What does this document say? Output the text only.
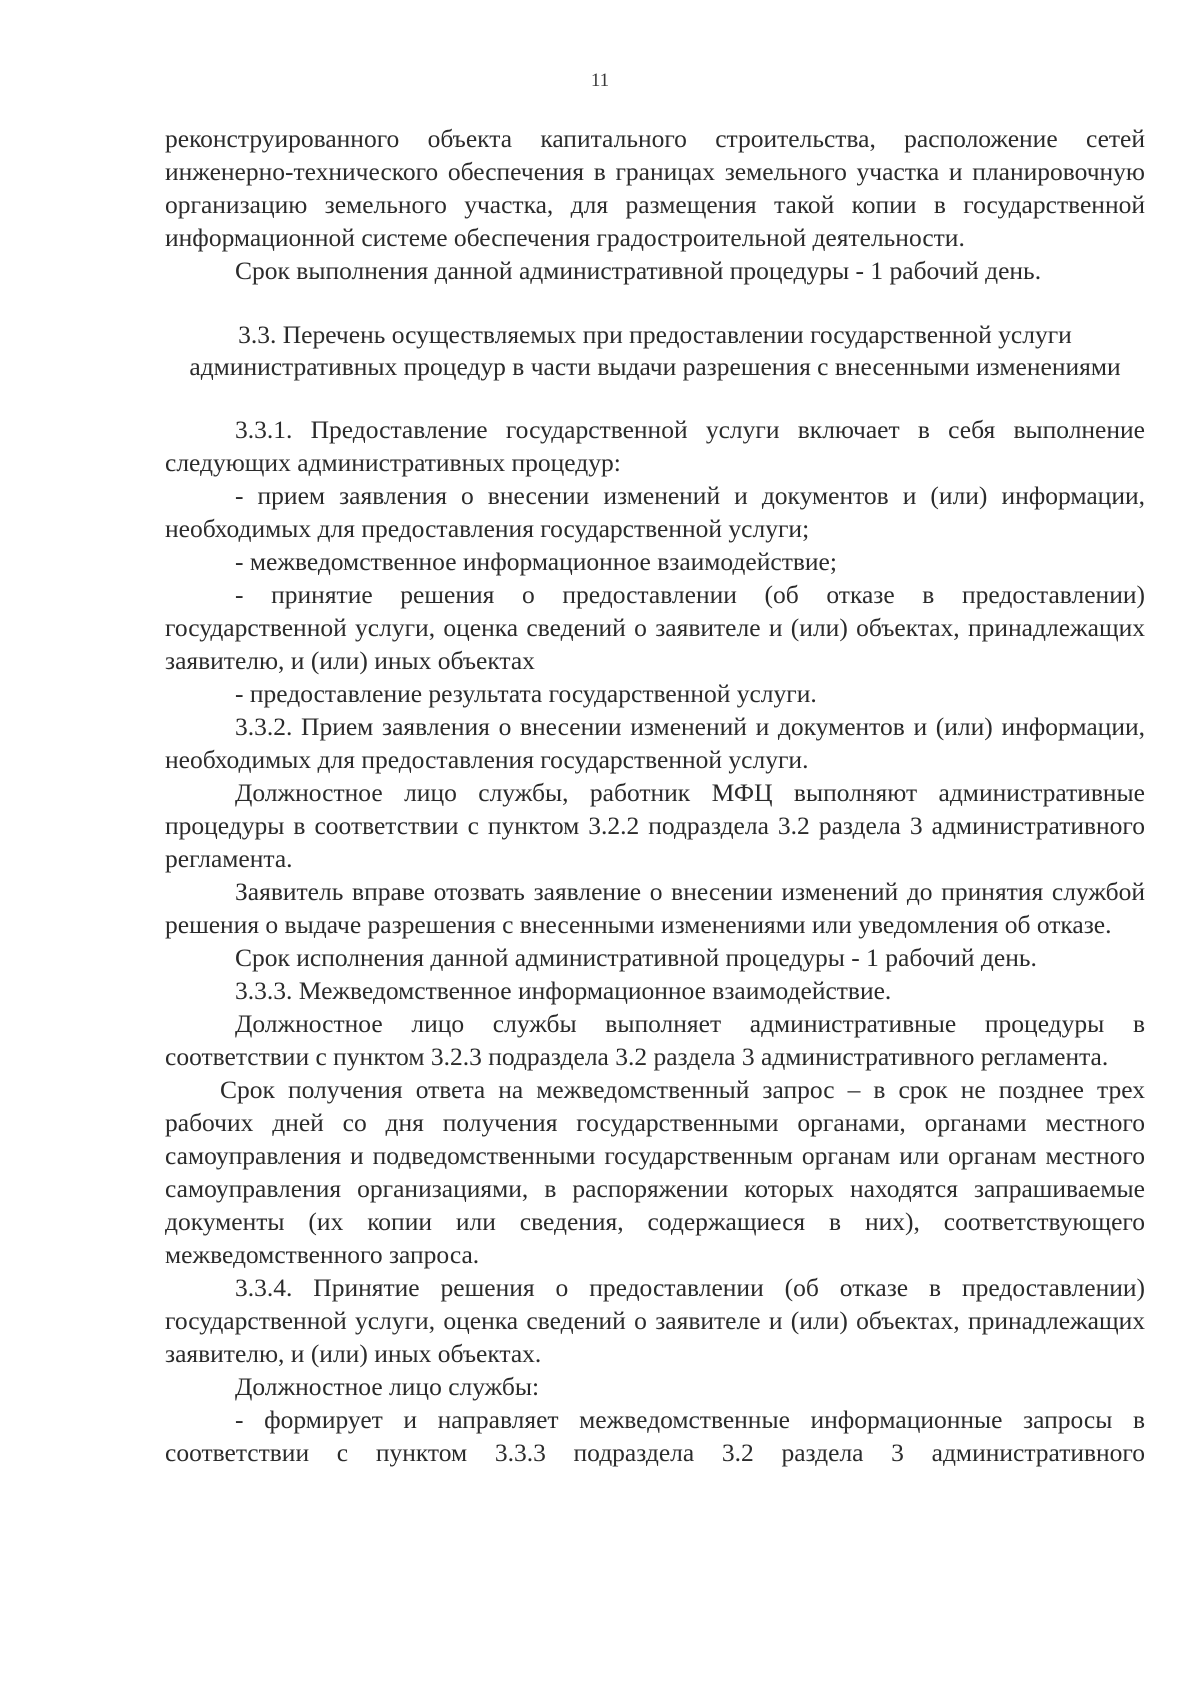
11

реконструированного объекта капитального строительства, расположение сетей инженерно-технического обеспечения в границах земельного участка и планировочную организацию земельного участка, для размещения такой копии в государственной информационной системе обеспечения градостроительной деятельности.

Срок выполнения данной административной процедуры - 1 рабочий день.

3.3. Перечень осуществляемых при предоставлении государственной услуги административных процедур в части выдачи разрешения с внесенными изменениями

3.3.1. Предоставление государственной услуги включает в себя выполнение следующих административных процедур:

- прием заявления о внесении изменений и документов и (или) информации, необходимых для предоставления государственной услуги;

- межведомственное информационное взаимодействие;

- принятие решения о предоставлении (об отказе в предоставлении) государственной услуги, оценка сведений о заявителе и (или) объектах, принадлежащих заявителю, и (или) иных объектах

- предоставление результата государственной услуги.

3.3.2. Прием заявления о внесении изменений и документов и (или) информации, необходимых для предоставления государственной услуги.

Должностное лицо службы, работник МФЦ выполняют административные процедуры в соответствии с пунктом 3.2.2 подраздела 3.2 раздела 3 административного регламента.

Заявитель вправе отозвать заявление о внесении изменений до принятия службой решения о выдаче разрешения с внесенными изменениями или уведомления об отказе.

Срок исполнения данной административной процедуры - 1 рабочий день.

3.3.3. Межведомственное информационное взаимодействие.

Должностное лицо службы выполняет административные процедуры в соответствии с пунктом 3.2.3 подраздела 3.2 раздела 3 административного регламента.

Срок получения ответа на межведомственный запрос – в срок не позднее трех рабочих дней со дня получения государственными органами, органами местного самоуправления и подведомственными государственным органам или органам местного самоуправления организациями, в распоряжении которых находятся запрашиваемые документы (их копии или сведения, содержащиеся в них), соответствующего межведомственного запроса.

3.3.4. Принятие решения о предоставлении (об отказе в предоставлении) государственной услуги, оценка сведений о заявителе и (или) объектах, принадлежащих заявителю, и (или) иных объектах.

Должностное лицо службы:

- формирует и направляет межведомственные информационные запросы в соответствии с пунктом 3.3.3 подраздела 3.2 раздела 3 административного
